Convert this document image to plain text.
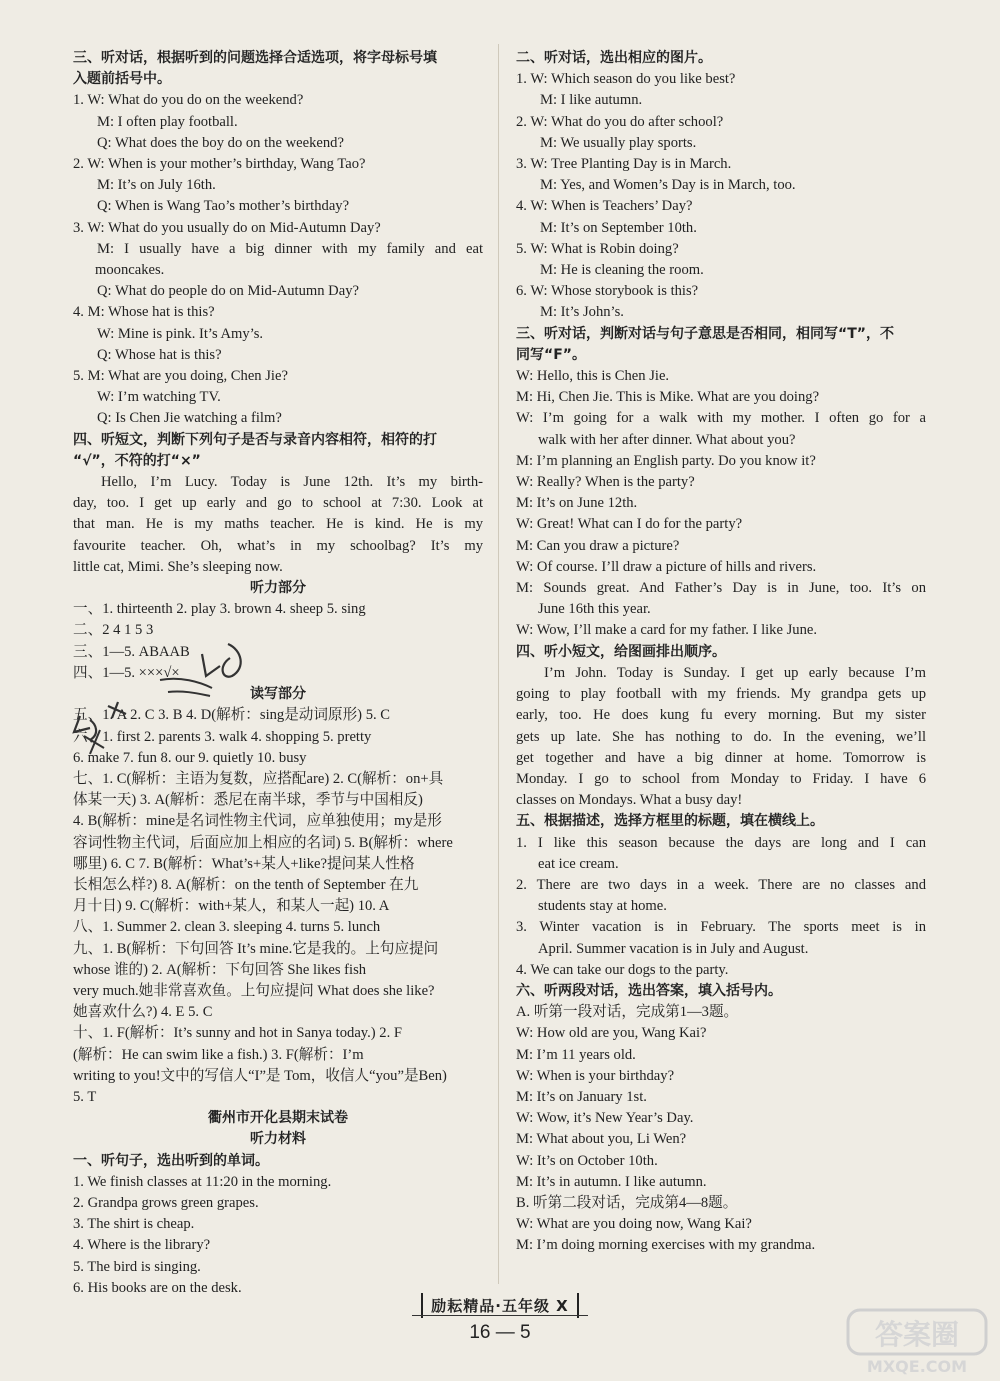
三、听对话，根据听到的问题选择合适选项，将字母标号填
入题前括号中。
1. W: What do you do on the weekend?
M: I often play football.
Q: What does the boy do on the weekend?
2. W: When is your mother’s birthday, Wang Tao?
M: It’s on July 16th.
Q: When is Wang Tao’s mother’s birthday?
3. W: What do you usually do on Mid-Autumn Day?
M: I usually have a big dinner with my family and eat
mooncakes.
Q: What do people do on Mid-Autumn Day?
4. M: Whose hat is this?
W: Mine is pink. It’s Amy’s.
Q: Whose hat is this?
5. M: What are you doing, Chen Jie?
W: I’m watching TV.
Q: Is Chen Jie watching a film?
四、听短文，判断下列句子是否与录音内容相符，相符的打
“√”，不符的打“×”
Hello, I’m Lucy. Today is June 12th. It’s my birth-
day, too. I get up early and go to school at 7:30. Look at
that man. He is my maths teacher. He is kind. He is my
favourite teacher. Oh, what’s in my schoolbag? It’s my
little cat, Mimi. She’s sleeping now.
听力部分
一、1. thirteenth 2. play 3. brown 4. sheep 5. sing
二、2 4 1 5 3
三、1—5. ABAAB
四、1—5. ×××√×
读写部分
五、1. A 2. C 3. B 4. D(解析：sing是动词原形) 5. C
六、1. first 2. parents 3. walk 4. shopping 5. pretty
6. make 7. fun 8. our 9. quietly 10. busy
七、1. C(解析：主语为复数，应搭配are) 2. C(解析：on+具
体某一天) 3. A(解析：悉尼在南半球，季节与中国相反)
4. B(解析：mine是名词性物主代词，应单独使用；my是形
容词性物主代词，后面应加上相应的名词) 5. B(解析：where
哪里) 6. C 7. B(解析：What’s+某人+like?提问某人性格
长相怎么样?) 8. A(解析：on the tenth of September 在九
月十日) 9. C(解析：with+某人，和某人一起) 10. A
八、1. Summer 2. clean 3. sleeping 4. turns 5. lunch
九、1. B(解析：下句回答 It’s mine.它是我的。上句应提问
whose 谁的) 2. A(解析：下句回答 She likes fish
very much.她非常喜欢鱼。上句应提问 What does she like?
她喜欢什么?) 4. E 5. C
十、1. F(解析：It’s sunny and hot in Sanya today.) 2. F
(解析：He can swim like a fish.) 3. F(解析：I’m
writing to you!文中的写信人“I”是 Tom，收信人“you”是Ben)
5. T
衢州市开化县期末试卷
听力材料
一、听句子，选出听到的单词。
1. We finish classes at 11:20 in the morning.
2. Grandpa grows green grapes.
3. The shirt is cheap.
4. Where is the library?
5. The bird is singing.
6. His books are on the desk.
二、听对话，选出相应的图片。
1. W: Which season do you like best?
M: I like autumn.
2. W: What do you do after school?
M: We usually play sports.
3. W: Tree Planting Day is in March.
M: Yes, and Women’s Day is in March, too.
4. W: When is Teachers’ Day?
M: It’s on September 10th.
5. W: What is Robin doing?
M: He is cleaning the room.
6. W: Whose storybook is this?
M: It’s John’s.
三、听对话，判断对话与句子意思是否相同，相同写“T”，不
同写“F”。
W: Hello, this is Chen Jie.
M: Hi, Chen Jie. This is Mike. What are you doing?
W: I’m going for a walk with my mother. I often go for a
walk with her after dinner. What about you?
M: I’m planning an English party. Do you know it?
W: Really? When is the party?
M: It’s on June 12th.
W: Great! What can I do for the party?
M: Can you draw a picture?
W: Of course. I’ll draw a picture of hills and rivers.
M: Sounds great. And Father’s Day is in June, too. It’s on
June 16th this year.
W: Wow, I’ll make a card for my father. I like June.
四、听小短文，给图画排出顺序。
I’m John. Today is Sunday. I get up early because I’m
going to play football with my friends. My grandpa gets up
early, too. He does kung fu every morning. But my sister
gets up late. She has nothing to do. In the evening, we’ll
get together and have a big dinner at home. Tomorrow is
Monday. I go to school from Monday to Friday. I have 6
classes on Mondays. What a busy day!
五、根据描述，选择方框里的标题，填在横线上。
1. I like this season because the days are long and I can
eat ice cream.
2. There are two days in a week. There are no classes and
students stay at home.
3. Winter vacation is in February. The sports meet is in
April. Summer vacation is in July and August.
4. We can take our dogs to the party.
六、听两段对话，选出答案，填入括号内。
A. 听第一段对话，完成第1—3题。
W: How old are you, Wang Kai?
M: I’m 11 years old.
W: When is your birthday?
M: It’s on January 1st.
W: Wow, it’s New Year’s Day.
M: What about you, Li Wen?
W: It’s on October 10th.
M: It’s in autumn. I like autumn.
B. 听第二段对话，完成第4—8题。
W: What are you doing now, Wang Kai?
M: I’m doing morning exercises with my grandma.
励耘精品·五年级 X
16 — 5	答案圈
MXQE.COM
